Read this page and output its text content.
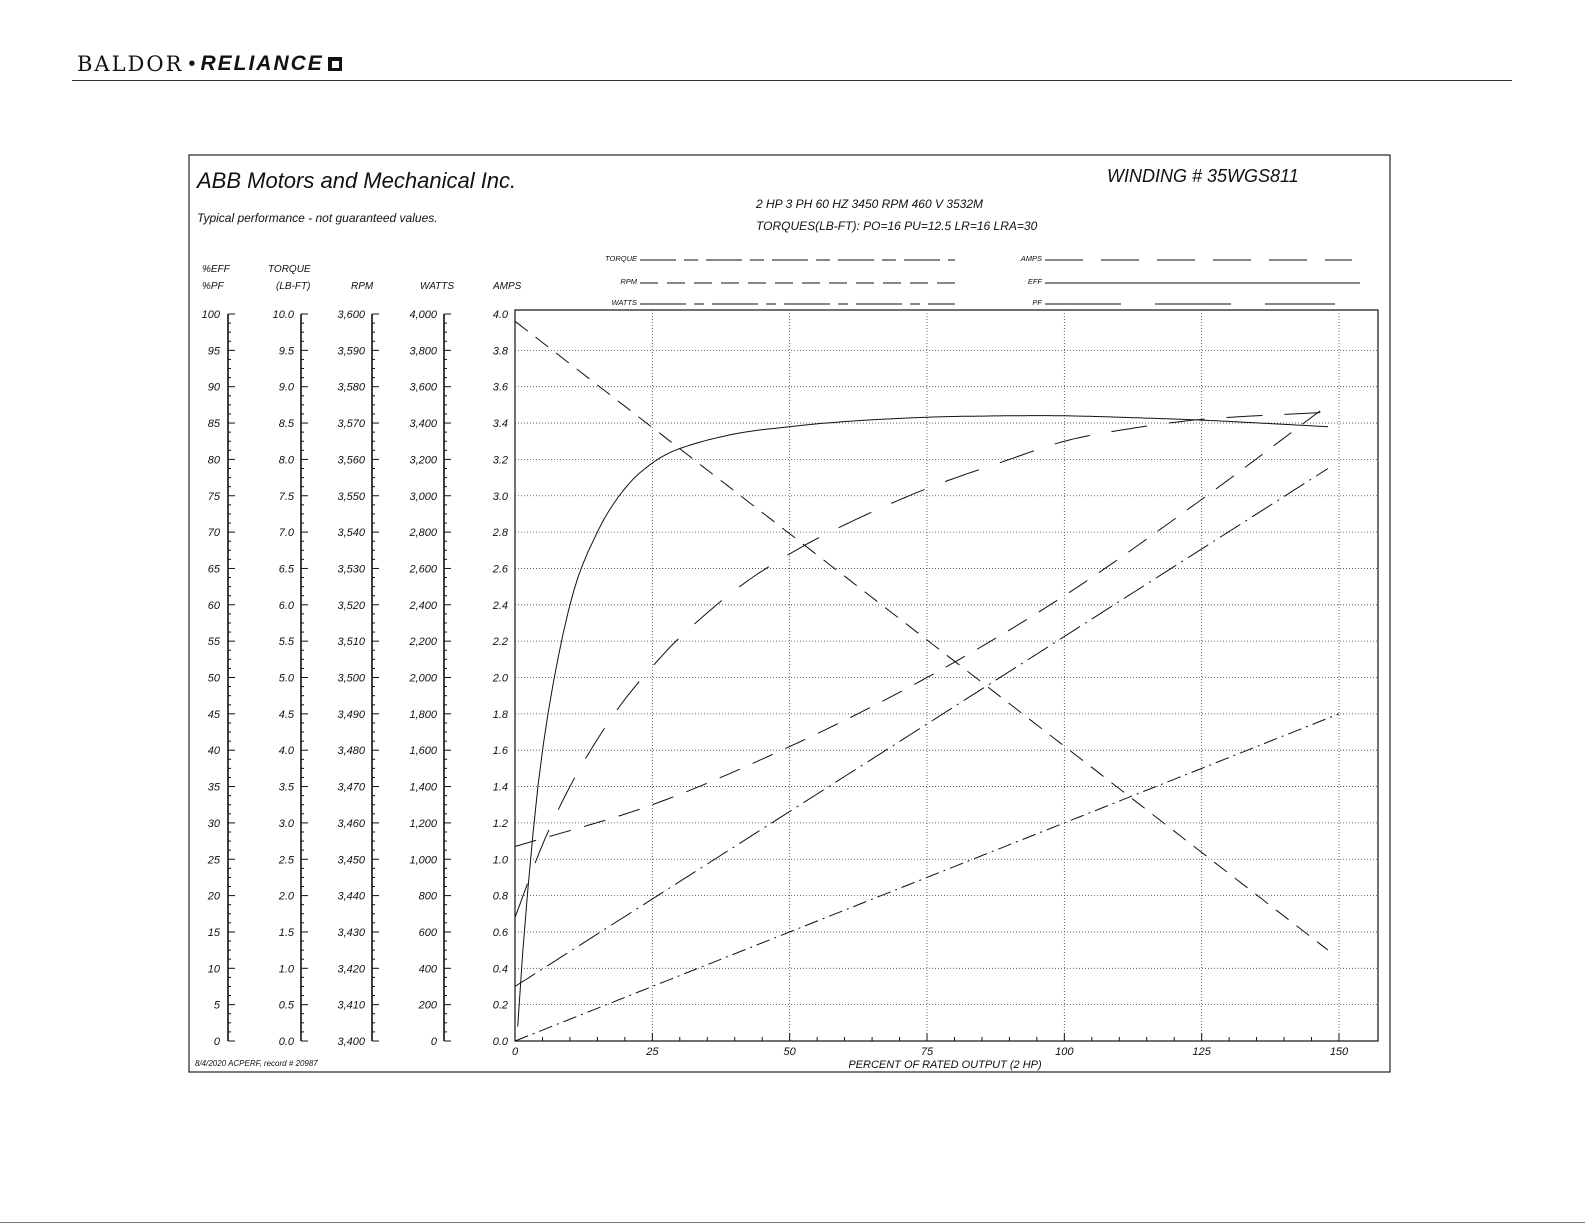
BALDOR • RELIANCE
ABB Motors and Mechanical Inc.
Typical performance - not guaranteed values.
WINDING # 35WGS811
2 HP 3 PH 60 HZ 3450 RPM 460 V 3532M
TORQUES(LB-FT): PO=16 PU=12.5 LR=16 LRA=30
8/4/2020 ACPERF, record # 20987	PERCENT OF RATED OUTPUT (2 HP)
%EFF
%PF
0
5
10
15
20
25
30
35
40
45
50
55
60
65
70
75
80
85
90
95
100
TORQUE
(LB-FT)
0.0
0.5
1.0
1.5
2.0
2.5
3.0
3.5
4.0
4.5
5.0
5.5
6.0
6.5
7.0
7.5
8.0
8.5
9.0
9.5
10.0
RPM
3,400
3,410
3,420
3,430
3,440
3,450
3,460
3,470
3,480
3,490
3,500
3,510
3,520
3,530
3,540
3,550
3,560
3,570
3,580
3,590
3,600
WATTS
0
200
400
600
800
1,000
1,200
1,400
1,600
1,800
2,000
2,200
2,400
2,600
2,800
3,000
3,200
3,400
3,600
3,800
4,000
AMPS
0.0
0.2
0.4
0.6
0.8
1.0
1.2
1.4
1.6
1.8
2.0
2.2
2.4
2.6
2.8
3.0
3.2
3.4
3.6
3.8
4.0
TORQUE
RPM
WATTS
AMPS
EFF
PF
0	25	50	75	100	125	150
